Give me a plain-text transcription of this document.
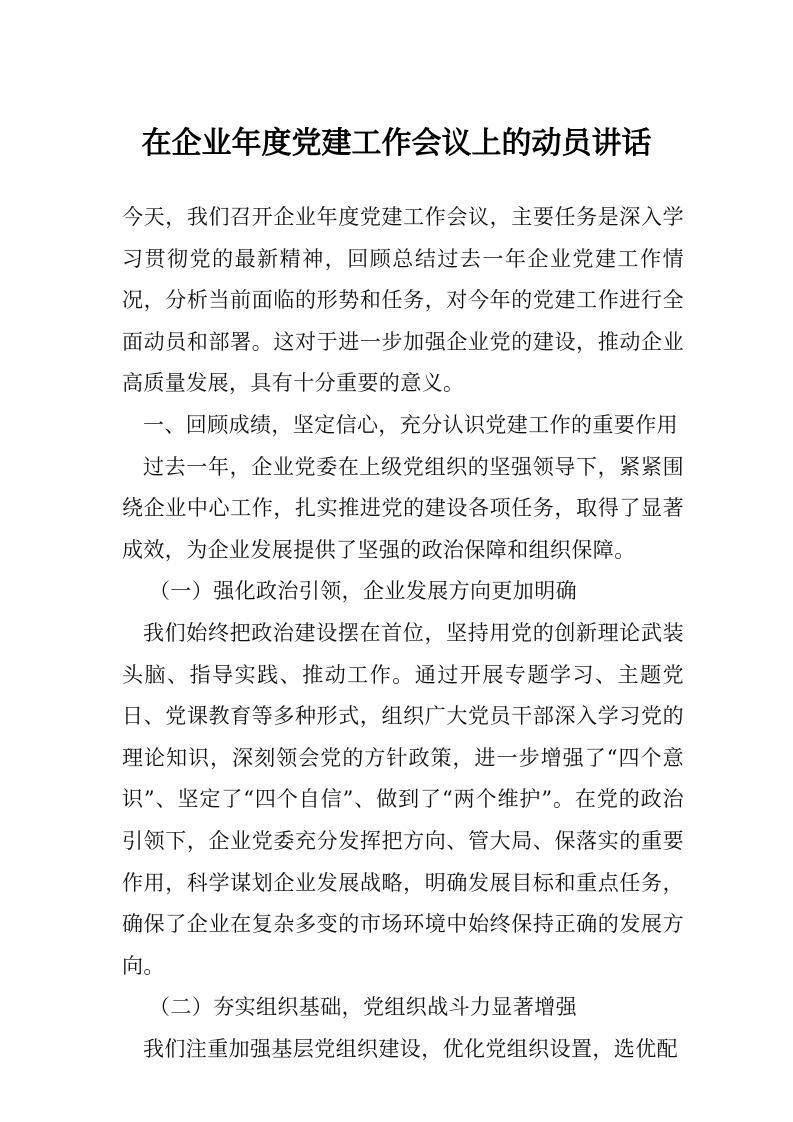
在企业年度党建工作会议上的动员讲话

今天，我们召开企业年度党建工作会议，主要任务是深入学习贯彻党的最新精神，回顾总结过去一年企业党建工作情况，分析当前面临的形势和任务，对今年的党建工作进行全面动员和部署。这对于进一步加强企业党的建设，推动企业高质量发展，具有十分重要的意义。

一、回顾成绩，坚定信心，充分认识党建工作的重要作用

过去一年，企业党委在上级党组织的坚强领导下，紧紧围绕企业中心工作，扎实推进党的建设各项任务，取得了显著成效，为企业发展提供了坚强的政治保障和组织保障。

（一）强化政治引领，企业发展方向更加明确

我们始终把政治建设摆在首位，坚持用党的创新理论武装头脑、指导实践、推动工作。通过开展专题学习、主题党日、党课教育等多种形式，组织广大党员干部深入学习党的理论知识，深刻领会党的方针政策，进一步增强了“四个意识”、坚定了“四个自信”、做到了“两个维护”。在党的政治引领下，企业党委充分发挥把方向、管大局、保落实的重要作用，科学谋划企业发展战略，明确发展目标和重点任务，确保了企业在复杂多变的市场环境中始终保持正确的发展方向。

（二）夯实组织基础，党组织战斗力显著增强

我们注重加强基层党组织建设，优化党组织设置，选优配
